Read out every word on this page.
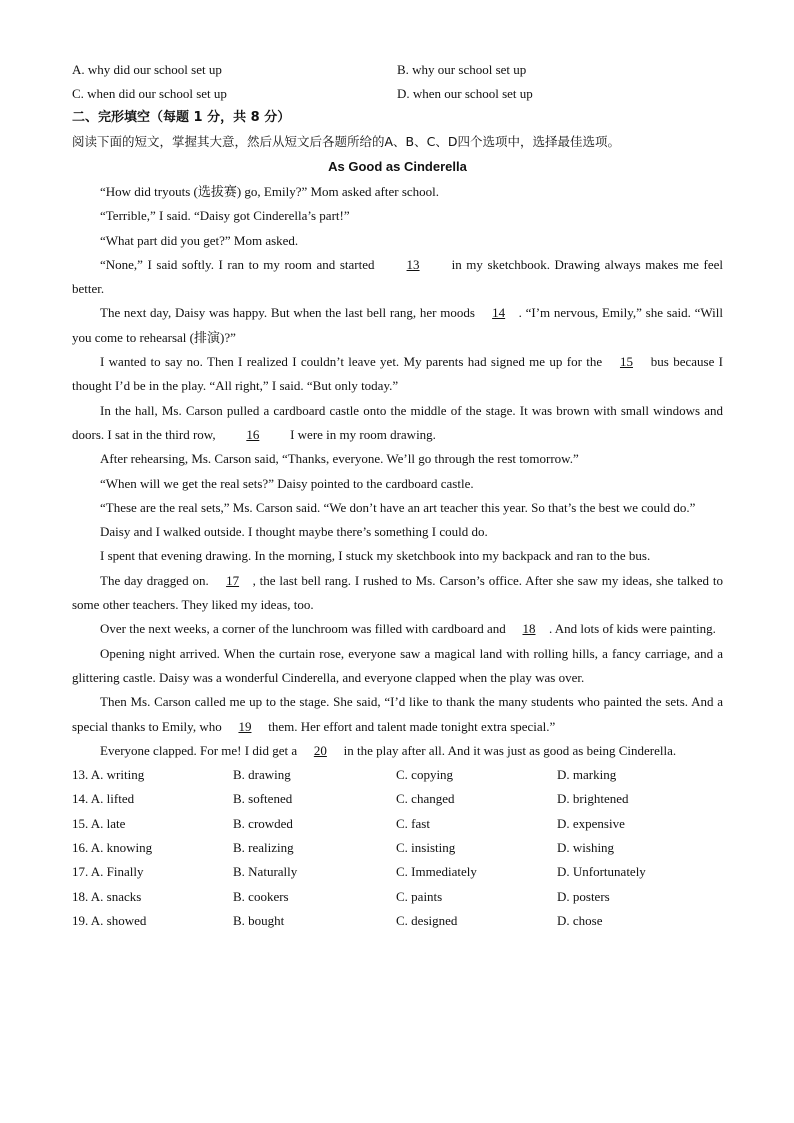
A. why did our school set up	B. why our school set up
C. when did our school set up	D. when our school set up
二、完形填空（每题 1 分，共 8 分）
阅读下面的短文，掌握其大意，然后从短文后各题所给的A、B、C、D四个选项中，选择最佳选项。
As Good as Cinderella

“How did tryouts (选拔赛) go, Emily?” Mom asked after school.

“Terrible,” I said. “Daisy got Cinderella’s part!”

“What part did you get?” Mom asked.

“None,” I said softly. I ran to my room and started 13 in my sketchbook. Drawing always makes me feel better.

The next day, Daisy was happy. But when the last bell rang, her moods 14 . “I’m nervous, Emily,” she said. “Will you come to rehearsal (排演)?”

I wanted to say no. Then I realized I couldn’t leave yet. My parents had signed me up for the 15 bus because I thought I’d be in the play. “All right,” I said. “But only today.”

In the hall, Ms. Carson pulled a cardboard castle onto the middle of the stage. It was brown with small windows and doors. I sat in the third row, 16 I were in my room drawing.

After rehearsing, Ms. Carson said, “Thanks, everyone. We’ll go through the rest tomorrow.”

“When will we get the real sets?” Daisy pointed to the cardboard castle.

“These are the real sets,” Ms. Carson said. “We don’t have an art teacher this year. So that’s the best we could do.”

Daisy and I walked outside. I thought maybe there’s something I could do.

I spent that evening drawing. In the morning, I stuck my sketchbook into my backpack and ran to the bus.

The day dragged on. 17 , the last bell rang. I rushed to Ms. Carson’s office. After she saw my ideas, she talked to some other teachers. They liked my ideas, too.

Over the next weeks, a corner of the lunchroom was filled with cardboard and 18 . And lots of kids were painting.

Opening night arrived. When the curtain rose, everyone saw a magical land with rolling hills, a fancy carriage, and a glittering castle. Daisy was a wonderful Cinderella, and everyone clapped when the play was over.

Then Ms. Carson called me up to the stage. She said, “I’d like to thank the many students who painted the sets. And a special thanks to Emily, who 19 them. Her effort and talent made tonight extra special.”

Everyone clapped. For me! I did get a 20 in the play after all. And it was just as good as being Cinderella.

13. A. writing	B. drawing	C. copying	D. marking
14. A. lifted	B. softened	C. changed	D. brightened
15. A. late	B. crowded	C. fast	D. expensive
16. A. knowing	B. realizing	C. insisting	D. wishing
17. A. Finally	B. Naturally	C. Immediately	D. Unfortunately
18. A. snacks	B. cookers	C. paints	D. posters
19. A. showed	B. bought	C. designed	D. chose
